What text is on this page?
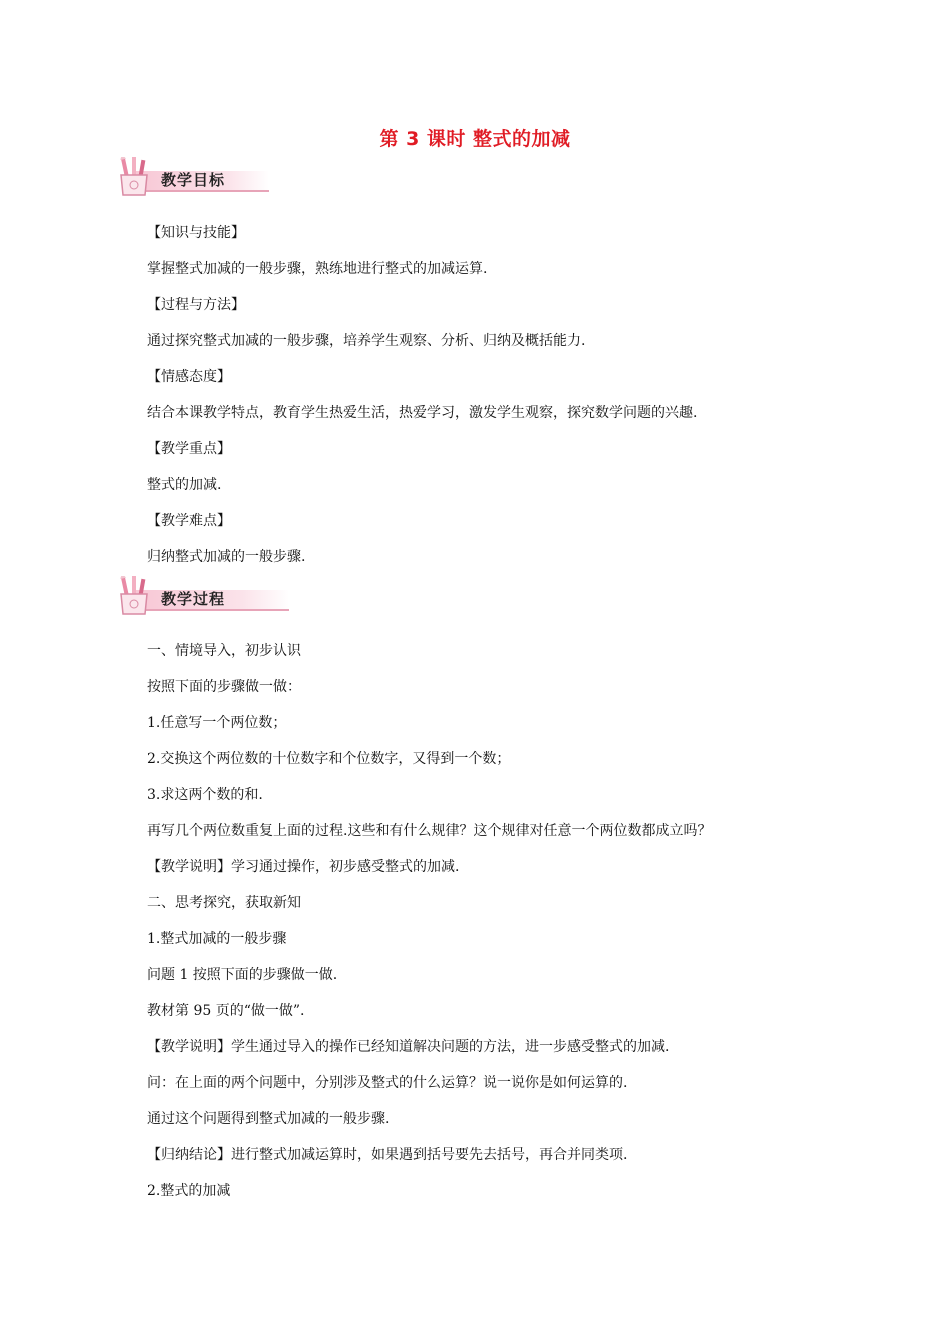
第 3 课时 整式的加减
教学目标
【知识与技能】
掌握整式加减的一般步骤，熟练地进行整式的加减运算.
【过程与方法】
通过探究整式加减的一般步骤，培养学生观察、分析、归纳及概括能力.
【情感态度】
结合本课教学特点，教育学生热爱生活，热爱学习，激发学生观察，探究数学问题的兴趣.
【教学重点】
整式的加减.
【教学难点】
归纳整式加减的一般步骤.
教学过程
一、情境导入，初步认识
按照下面的步骤做一做：
1.任意写一个两位数；
2.交换这个两位数的十位数字和个位数字，又得到一个数；
3.求这两个数的和.
再写几个两位数重复上面的过程.这些和有什么规律？这个规律对任意一个两位数都成立吗？
【教学说明】学习通过操作，初步感受整式的加减.
二、思考探究，获取新知
1.整式加减的一般步骤
问题 1 按照下面的步骤做一做.
教材第 95 页的“做一做”.
【教学说明】学生通过导入的操作已经知道解决问题的方法，进一步感受整式的加减.
问：在上面的两个问题中，分别涉及整式的什么运算？说一说你是如何运算的.
通过这个问题得到整式加减的一般步骤.
【归纳结论】进行整式加减运算时，如果遇到括号要先去括号，再合并同类项.
2.整式的加减
